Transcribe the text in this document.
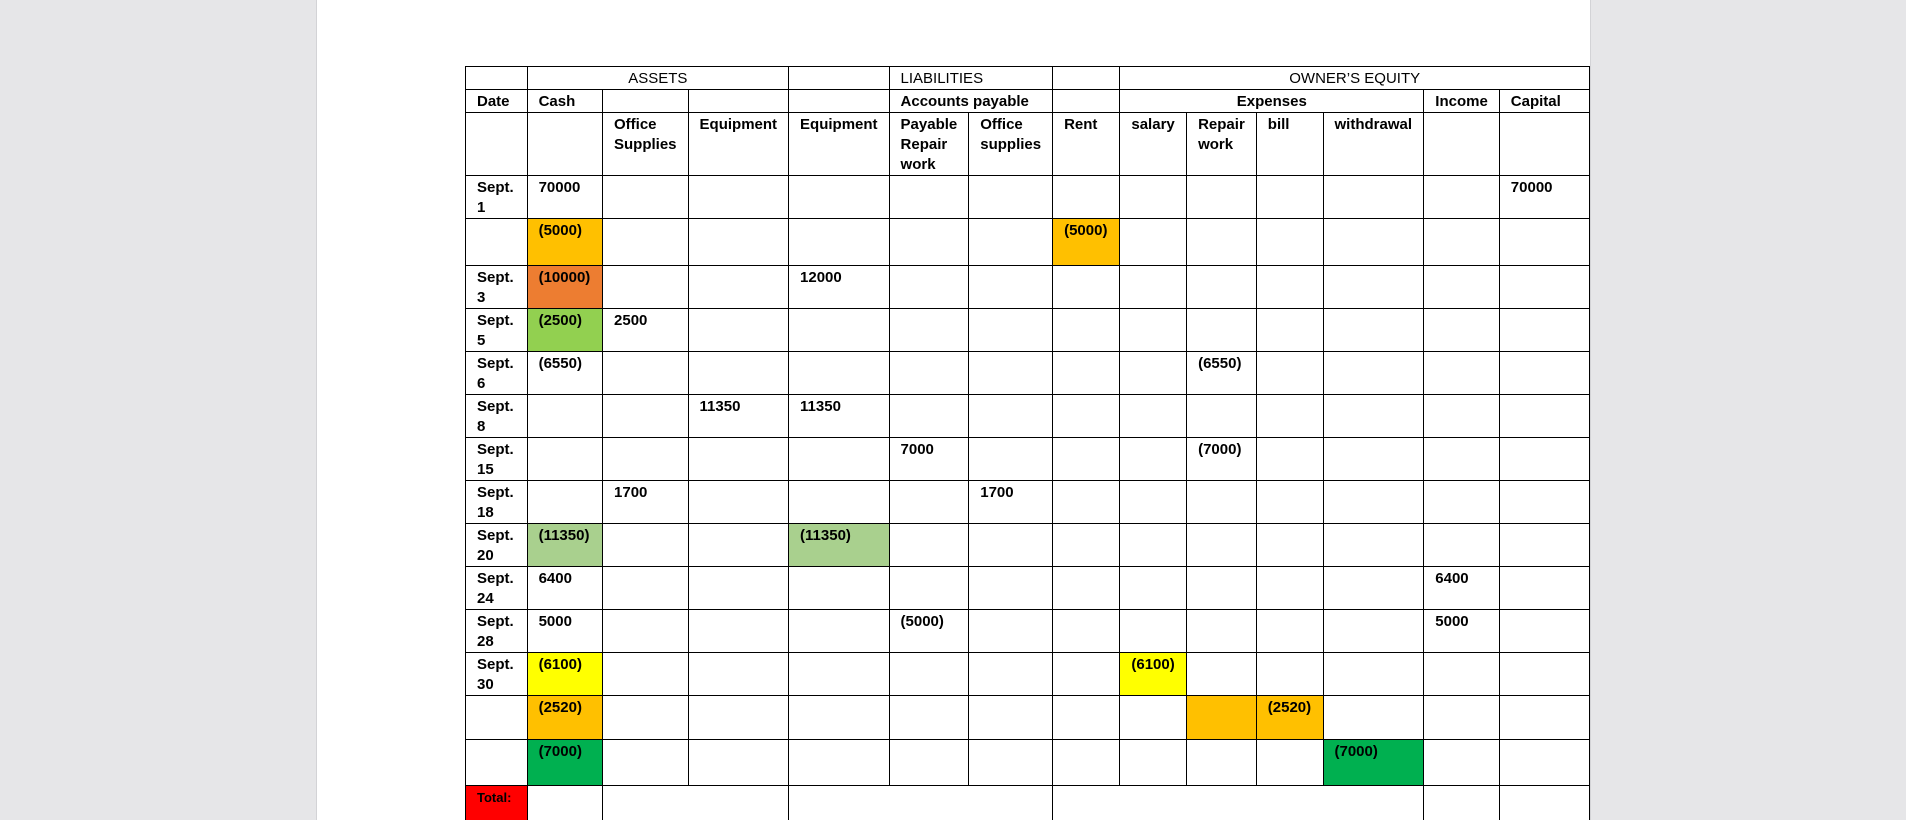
	ASSETS				LIABILITIES			OWNER’S EQUITY					
Date	Cash				Accounts payable			Expenses				Income	Capital
		Office Supplies	Equipment	Equipment	Payable Repair work	Office supplies	Rent	salary	Repair work	bill	withdrawal		
Sept. 1	70000												70000
	(5000)						(5000)						
Sept. 3	(10000)			12000									
Sept. 5	(2500)	2500											
Sept. 6	(6550)								(6550)				
Sept. 8			11350	11350									
Sept. 15					7000				(7000)				
Sept. 18		1700				1700							
Sept. 20	(11350)			(11350)									
Sept. 24	6400											6400	
Sept. 28	5000				(5000)							5000	
Sept. 30	(6100)							(6100)					
	(2520)									(2520)			
	(7000)										(7000)		
Total:													
